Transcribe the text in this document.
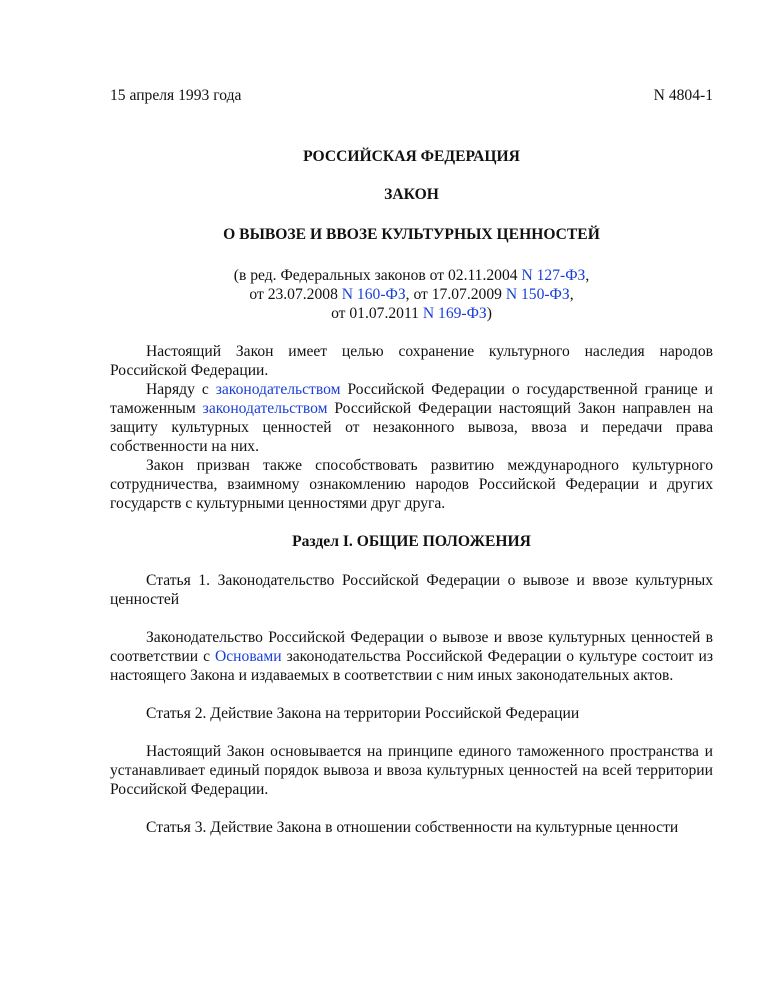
15 апреля 1993 года	N 4804-1
РОССИЙСКАЯ ФЕДЕРАЦИЯ
ЗАКОН
О ВЫВОЗЕ И ВВОЗЕ КУЛЬТУРНЫХ ЦЕННОСТЕЙ
(в ред. Федеральных законов от 02.11.2004 N 127-ФЗ,
от 23.07.2008 N 160-ФЗ, от 17.07.2009 N 150-ФЗ,
от 01.07.2011 N 169-ФЗ)

Настоящий Закон имеет целью сохранение культурного наследия народов Российской Федерации.

Наряду с законодательством Российской Федерации о государственной границе и таможенным законодательством Российской Федерации настоящий Закон направлен на защиту культурных ценностей от незаконного вывоза, ввоза и передачи права собственности на них.

Закон призван также способствовать развитию международного культурного сотрудничества, взаимному ознакомлению народов Российской Федерации и других государств с культурными ценностями друг друга.

Раздел I. ОБЩИЕ ПОЛОЖЕНИЯ

Статья 1. Законодательство Российской Федерации о вывозе и ввозе культурных ценностей

Законодательство Российской Федерации о вывозе и ввозе культурных ценностей в соответствии с Основами законодательства Российской Федерации о культуре состоит из настоящего Закона и издаваемых в соответствии с ним иных законодательных актов.

Статья 2. Действие Закона на территории Российской Федерации

Настоящий Закон основывается на принципе единого таможенного пространства и устанавливает единый порядок вывоза и ввоза культурных ценностей на всей территории Российской Федерации.

Статья 3. Действие Закона в отношении собственности на культурные ценности
